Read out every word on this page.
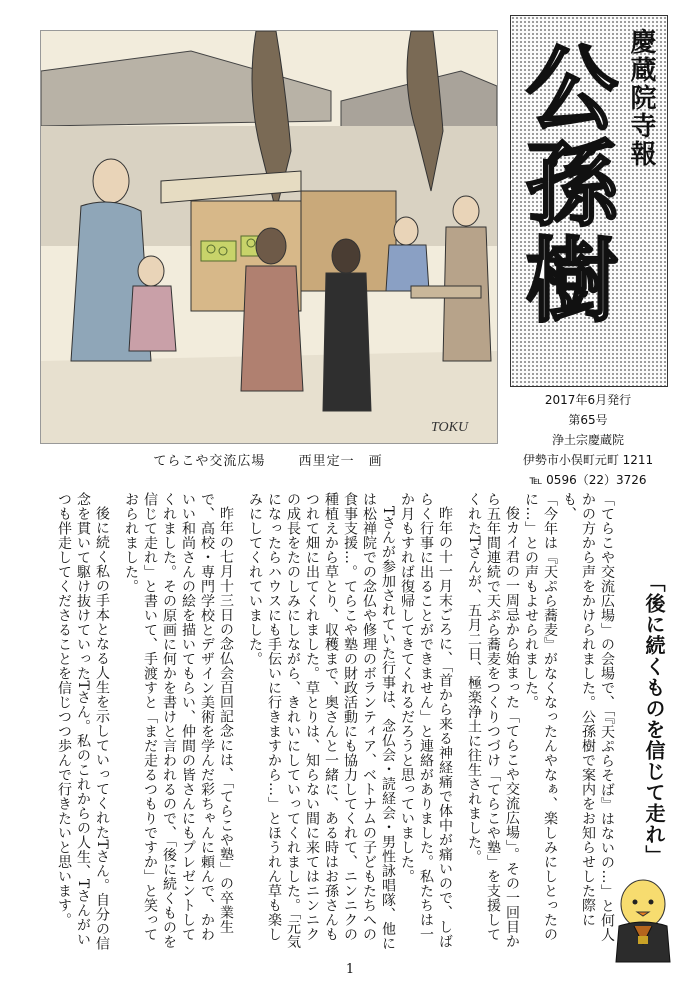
TOKU
てらこや交流広場	西里定一　画
慶蔵院寺報
公孫樹
2017年6月発行
第65号
浄土宗慶蔵院
伊勢市小俣町元町 1211
℡ 0596（22）3726
「後に続くものを信じて走れ」

「てらこや交流広場」の会場で、「『天ぷらそば』はないの…」と何人かの方から声をかけられました。公孫樹で案内をお知らせした際にも、

「今年は『天ぷら蕎麦』がなくなったんやなぁ、楽しみにしとったのに…」との声もよせられました。

俊カイ君の一周忌から始まった「てらこや交流広場」。その一回目から五年間連続で天ぷら蕎麦をつくりつづけ「てらこや塾」を支援してくれたTさんが、五月二日、極楽浄土に往生されました。

昨年の十一月末ごろに、「首から来る神経痛で体中が痛いので、しばらく行事に出ることができません」と連絡がありました。私たちは一か月もすれば復帰してきてくれるだろうと思っていました。

Tさんが参加されていた行事は、念仏会・読経会・男性詠唱隊、他には松禅院での念仏や修理のボランティア、ベトナムの子どもたちへの食事支援…。てらこや塾の財政活動にも協力してくれて、ニンニクの種植えから草とり、収穫まで、奥さんと一緒に、ある時はお孫さんもつれて畑に出てくれました。草とりは、知らない間に来てはニンニクの成長をたのしみにしながら、きれいにしていってくれました。「元気になったらハウスにも手伝いに行きますから…」とほうれん草も楽しみにしてくれていました。

昨年の七月十三日の念仏会百回記念には、「てらこや塾」の卒業生で、高校・専門学校とデザイン美術を学んだ彩ちゃんに頼んで、かわいい和尚さんの絵を描いてもらい、仲間の皆さんにもプレゼントしてくれました。その原画に何かを書けと言われるので、「後に続くものを信じて走れ」と書いて、手渡すと「まだ走るつもりですか」と笑っておられました。

後に続く私の手本となる人生を示していってくれたTさん。自分の信念を貫いて駆け抜けていったTさん。私のこれからの人生、Tさんがいつも伴走してくださることを信じつつ歩んで行きたいと思います。

1
